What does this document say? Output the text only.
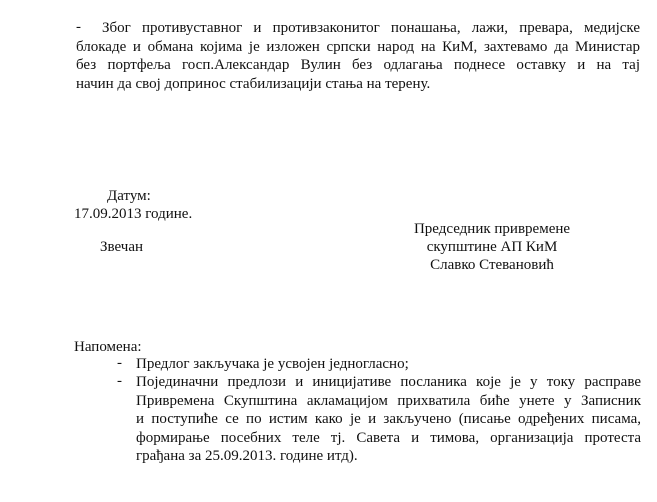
-	Због противуставног и противзаконитог понашања, лажи, превара, медијске
блокаде и обмана којима је изложен српски народ на КиМ, захтевамо да Министар
без портфеља госп.Александар Вулин без одлагања поднесе оставку и на тај
начин да свој допринос стабилизацији стања на терену.
Датум:
17.09.2013 године.
Звечан
Председник привремене
скупштине АП КиМ
Славко Стевановић
Напомена:
- Предлог закључака је усвојен једногласно;
- Појединачни предлози и иницијативе посланика које је у току расправе
Привремена Скупштина акламацијом прихватила биће унете у Записник
и поступиће се по истим како је и закључено (писање одређених писама,
формирање посебних теле тј. Савета и тимова, организација протеста
грађана за 25.09.2013. године итд).
